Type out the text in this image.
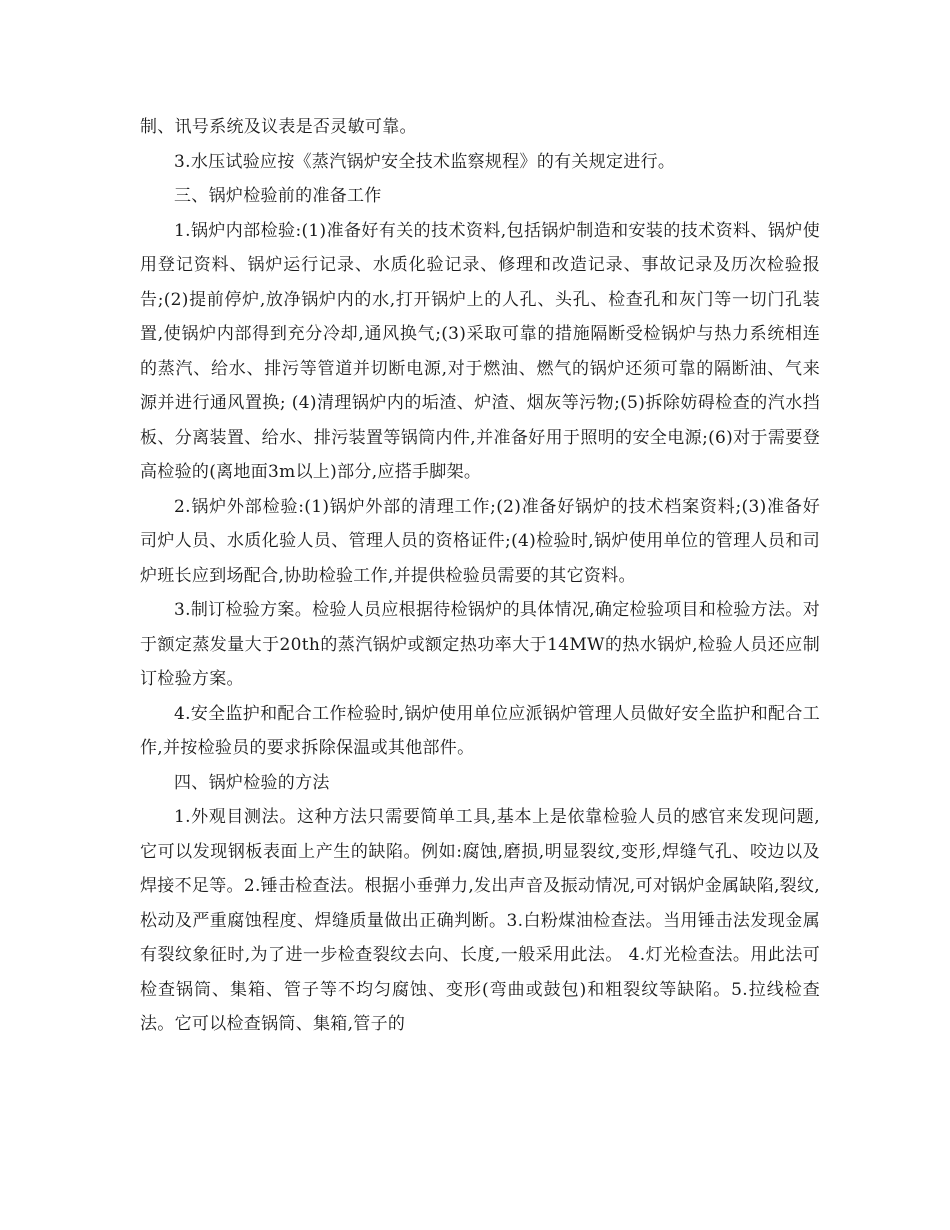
制、讯号系统及议表是否灵敏可靠。

3.水压试验应按《蒸汽锅炉安全技术监察规程》的有关规定进行。

三、锅炉检验前的准备工作

1.锅炉内部检验:(1)准备好有关的技术资料,包括锅炉制造和安装的技术资料、锅炉使用登记资料、锅炉运行记录、水质化验记录、修理和改造记录、事故记录及历次检验报告;(2)提前停炉,放净锅炉内的水,打开锅炉上的人孔、头孔、检查孔和灰门等一切门孔装置,使锅炉内部得到充分冷却,通风换气;(3)采取可靠的措施隔断受检锅炉与热力系统相连的蒸汽、给水、排污等管道并切断电源,对于燃油、燃气的锅炉还须可靠的隔断油、气来源并进行通风置换; (4)清理锅炉内的垢渣、炉渣、烟灰等污物;(5)拆除妨碍检查的汽水挡板、分离装置、给水、排污装置等锅筒内件,并准备好用于照明的安全电源;(6)对于需要登高检验的(离地面3m以上)部分,应搭手脚架。

2.锅炉外部检验:(1)锅炉外部的清理工作;(2)准备好锅炉的技术档案资料;(3)准备好司炉人员、水质化验人员、管理人员的资格证件;(4)检验时,锅炉使用单位的管理人员和司炉班长应到场配合,协助检验工作,并提供检验员需要的其它资料。

3.制订检验方案。检验人员应根据待检锅炉的具体情况,确定检验项目和检验方法。对于额定蒸发量大于20th的蒸汽锅炉或额定热功率大于14MW的热水锅炉,检验人员还应制订检验方案。

4.安全监护和配合工作检验时,锅炉使用单位应派锅炉管理人员做好安全监护和配合工作,并按检验员的要求拆除保温或其他部件。

四、锅炉检验的方法

1.外观目测法。这种方法只需要简单工具,基本上是依靠检验人员的感官来发现问题,它可以发现钢板表面上产生的缺陷。例如:腐蚀,磨损,明显裂纹,变形,焊缝气孔、咬边以及焊接不足等。2.锤击检查法。根据小垂弹力,发出声音及振动情况,可对锅炉金属缺陷,裂纹,松动及严重腐蚀程度、焊缝质量做出正确判断。3.白粉煤油检查法。当用锤击法发现金属有裂纹象征时,为了进一步检查裂纹去向、长度,一般采用此法。 4.灯光检查法。用此法可检查锅筒、集箱、管子等不均匀腐蚀、变形(弯曲或鼓包)和粗裂纹等缺陷。5.拉线检查法。它可以检查锅筒、集箱,管子的
